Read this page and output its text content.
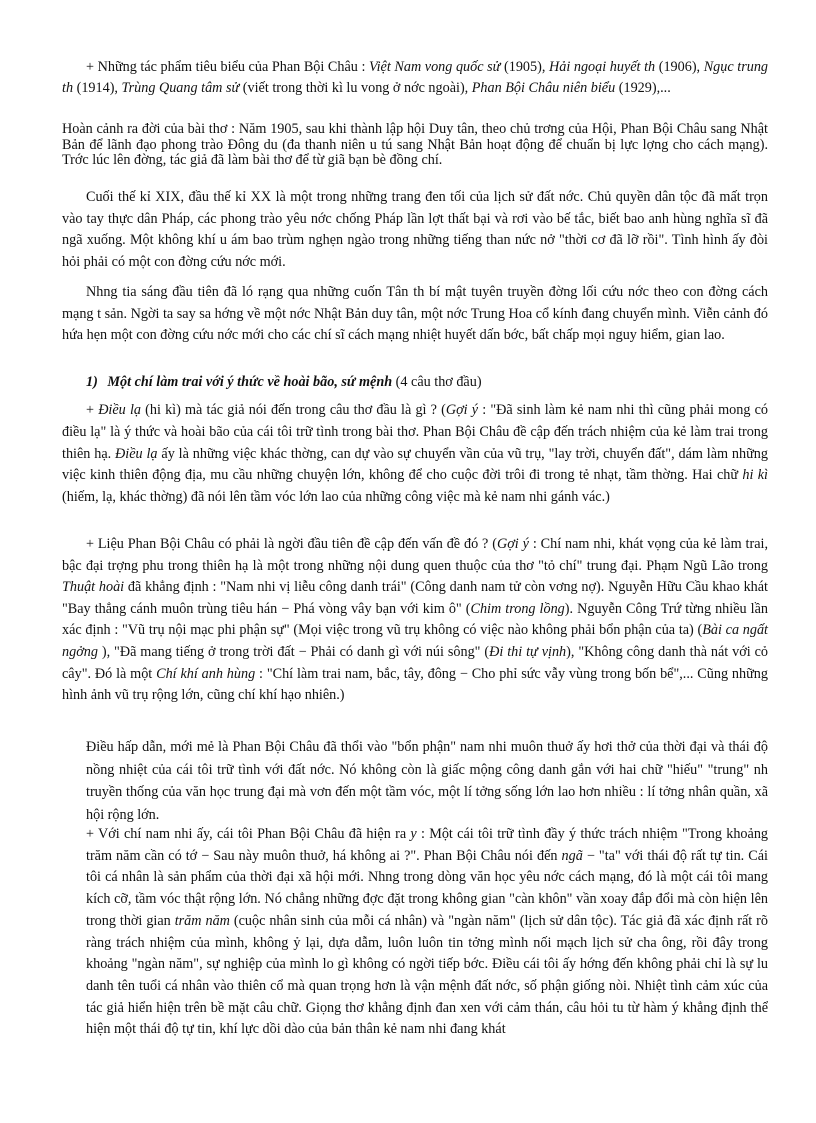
+ Những tác phẩm tiêu biểu của Phan Bội Châu : Việt Nam vong quốc sử (1905), Hải ngoại huyết th (1906), Ngục trung th (1914), Trùng Quang tâm sử (viết trong thời kì lu vong ở nớc ngoài), Phan Bội Châu niên biểu (1929),...

Hoàn cảnh ra đời của bài thơ : Năm 1905, sau khi thành lập hội Duy tân, theo chủ trơng của Hội, Phan Bội Châu sang Nhật Bản để lãnh đạo phong trào Đông du (đa thanh niên u tú sang Nhật Bản hoạt động để chuẩn bị lực lợng cho cách mạng). Trớc lúc lên đờng, tác giả đã làm bài thơ để từ giã bạn bè đồng chí.

Cuối thế kỉ XIX, đầu thế kỉ XX là một trong những trang đen tối của lịch sử đất nớc. Chủ quyền dân tộc đã mất trọn vào tay thực dân Pháp, các phong trào yêu nớc chống Pháp lần lợt thất bại và rơi vào bế tắc, biết bao anh hùng nghĩa sĩ đã ngã xuống. Một không khí u ám bao trùm nghẹn ngào trong những tiếng than nức nở "thời cơ đã lỡ rồi". Tình hình ấy đòi hỏi phải có một con đờng cứu nớc mới.

Nhng tia sáng đầu tiên đã ló rạng qua những cuốn Tân th bí mật tuyên truyền đờng lối cứu nớc theo con đờng cách mạng t sản. Ngời ta say sa hớng về một nớc Nhật Bản duy tân, một nớc Trung Hoa cổ kính đang chuyển mình. Viễn cảnh đó hứa hẹn một con đờng cứu nớc mới cho các chí sĩ cách mạng nhiệt huyết dấn bớc, bất chấp mọi nguy hiểm, gian lao.

1) Một chí làm trai với ý thức về hoài bão, sứ mệnh (4 câu thơ đầu)

+ Điều lạ (hi kì) mà tác giả nói đến trong câu thơ đầu là gì ? (Gợi ý : "Đã sinh làm kẻ nam nhi thì cũng phải mong có điều lạ" là ý thức và hoài bão của cái tôi trữ tình trong bài thơ. Phan Bội Châu đề cập đến trách nhiệm của kẻ làm trai trong thiên hạ. Điều lạ ấy là những việc khác thờng, can dự vào sự chuyển vần của vũ trụ, "lay trời, chuyển đất", dám làm những việc kinh thiên động địa, mu cầu những chuyện lớn, không để cho cuộc đời trôi đi trong tẻ nhạt, tầm thờng. Hai chữ hi kì (hiếm, lạ, khác thờng) đã nói lên tầm vóc lớn lao của những công việc mà kẻ nam nhi gánh vác.)

+ Liệu Phan Bội Châu có phải là ngời đầu tiên đề cập đến vấn đề đó ? (Gợi ý : Chí nam nhi, khát vọng của kẻ làm trai, bậc đại trợng phu trong thiên hạ là một trong những nội dung quen thuộc của thơ "tỏ chí" trung đại. Phạm Ngũ Lão trong Thuật hoài đã khẳng định : "Nam nhi vị liễu công danh trái" (Công danh nam tử còn vơng nợ). Nguyễn Hữu Cầu khao khát "Bay thẳng cánh muôn trùng tiêu hán − Phá vòng vây bạn với kim ô" (Chim trong lồng). Nguyễn Công Trứ từng nhiều lần xác định : "Vũ trụ nội mạc phi phận sự" (Mọi việc trong vũ trụ không có việc nào không phải bổn phận của ta) (Bài ca ngất ngởng ), "Đã mang tiếng ở trong trời đất − Phải có danh gì với núi sông" (Đi thi tự vịnh), "Không công danh thà nát với cỏ cây". Đó là một Chí khí anh hùng : "Chí làm trai nam, bắc, tây, đông − Cho phỉ sức vẫy vùng trong bốn bể",... Cũng những hình ảnh vũ trụ rộng lớn, cũng chí khí hạo nhiên.)

Điều hấp dẫn, mới mẻ là Phan Bội Châu đã thổi vào "bổn phận" nam nhi muôn thuở ấy hơi thở của thời đại và thái độ nồng nhiệt của cái tôi trữ tình với đất nớc. Nó không còn là giấc mộng công danh gắn với hai chữ "hiếu" "trung" nh truyền thống của văn học trung đại mà vơn đến một tầm vóc, một lí tởng sống lớn lao hơn nhiều : lí tởng nhân quần, xã hội rộng lớn.

+ Với chí nam nhi ấy, cái tôi Phan Bội Châu đã hiện ra y : Một cái tôi trữ tình đầy ý thức trách nhiệm "Trong khoảng trăm năm cần có tớ − Sau này muôn thuở, há không ai ?". Phan Bội Châu nói đến ngã − "ta" với thái độ rất tự tin. Cái tôi cá nhân là sản phẩm của thời đại xã hội mới. Nhng trong dòng văn học yêu nớc cách mạng, đó là một cái tôi mang kích cỡ, tầm vóc thật rộng lớn. Nó chẳng những đợc đặt trong không gian "càn khôn" vần xoay đắp đổi mà còn hiện lên trong thời gian trăm năm (cuộc nhân sinh của mỗi cá nhân) và "ngàn năm" (lịch sử dân tộc). Tác giả đã xác định rất rõ ràng trách nhiệm của mình, không ỷ lại, dựa dẫm, luôn luôn tin tởng mình nối mạch lịch sử cha ông, rồi đây trong khoảng "ngàn năm", sự nghiệp của mình lo gì không có ngời tiếp bớc. Điều cái tôi ấy hớng đến không phải chỉ là sự lu danh tên tuổi cá nhân vào thiên cổ mà quan trọng hơn là vận mệnh đất nớc, số phận giống nòi. Nhiệt tình cảm xúc của tác giả hiển hiện trên bề mặt câu chữ. Giọng thơ khẳng định đan xen với cảm thán, câu hỏi tu từ hàm ý khẳng định thể hiện một thái độ tự tin, khí lực dồi dào của bản thân kẻ nam nhi đang khát
